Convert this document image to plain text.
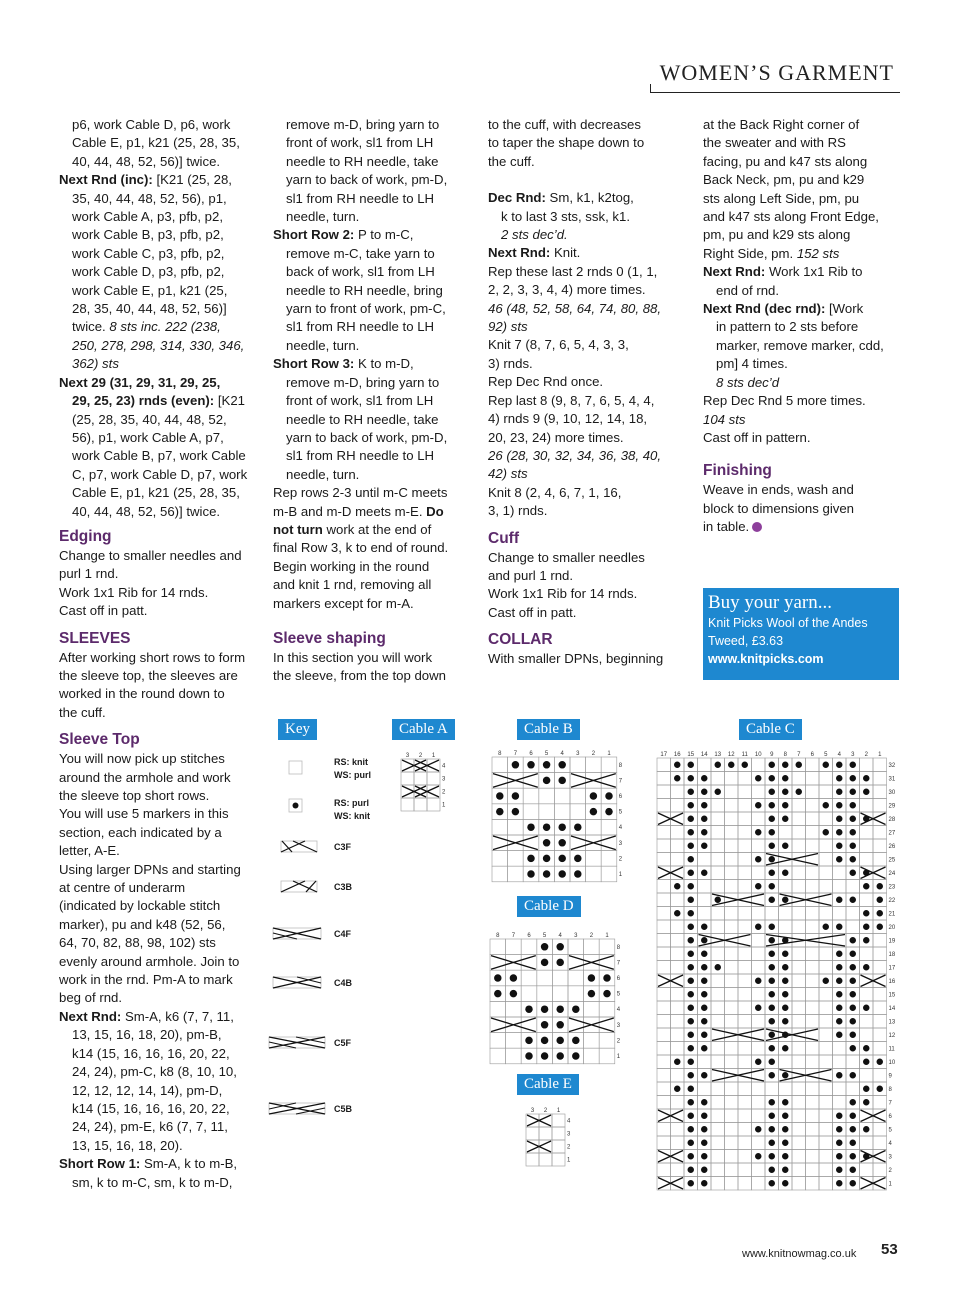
WOMEN’S GARMENT

p6, work Cable D, p6, work

Cable E, p1, k21 (25, 28, 35,

40, 44, 48, 52, 56)] twice.

Next Rnd (inc): [K21 (25, 28,

35, 40, 44, 48, 52, 56), p1,

work Cable A, p3, pfb, p2,

work Cable B, p3, pfb, p2,

work Cable C, p3, pfb, p2,

work Cable D, p3, pfb, p2,

work Cable E, p1, k21 (25,

28, 35, 40, 44, 48, 52, 56)]

twice. 8 sts inc. 222 (238,

250, 278, 298, 314, 330, 346,

362) sts

Next 29 (31, 29, 31, 29, 25,

29, 25, 23) rnds (even): [K21

(25, 28, 35, 40, 44, 48, 52,

56), p1, work Cable A, p7,

work Cable B, p7, work Cable

C, p7, work Cable D, p7, work

Cable E, p1, k21 (25, 28, 35,

40, 44, 48, 52, 56)] twice.

Edging

Change to smaller needles and

purl 1 rnd.

Work 1x1 Rib for 14 rnds.

Cast off in patt.

SLEEVES

After working short rows to form

the sleeve top, the sleeves are

worked in the round down to

the cuff.

Sleeve Top

You will now pick up stitches

around the armhole and work

the sleeve top short rows.

You will use 5 markers in this

section, each indicated by a

letter, A-E.

Using larger DPNs and starting

at centre of underarm

(indicated by lockable stitch

marker), pu and k48 (52, 56,

64, 70, 82, 88, 98, 102) sts

evenly around armhole. Join to

work in the rnd. Pm-A to mark

beg of rnd.

Next Rnd: Sm-A, k6 (7, 7, 11,

13, 15, 16, 18, 20), pm-B,

k14 (15, 16, 16, 16, 20, 22,

24, 24), pm-C, k8 (8, 10, 10,

12, 12, 12, 14, 14), pm-D,

k14 (15, 16, 16, 16, 20, 22,

24, 24), pm-E, k6 (7, 7, 11,

13, 15, 16, 18, 20).

Short Row 1: Sm-A, k to m-B,

sm, k to m-C, sm, k to m-D,

remove m-D, bring yarn to

front of work, sl1 from LH

needle to RH needle, take

yarn to back of work, pm-D,

sl1 from RH needle to LH

needle, turn.

Short Row 2: P to m-C,

remove m-C, take yarn to

back of work, sl1 from LH

needle to RH needle, bring

yarn to front of work, pm-C,

sl1 from RH needle to LH

needle, turn.

Short Row 3: K to m-D,

remove m-D, bring yarn to

front of work, sl1 from LH

needle to RH needle, take

yarn to back of work, pm-D,

sl1 from RH needle to LH

needle, turn.

Rep rows 2-3 until m-C meets

m-B and m-D meets m-E. Do

not turn work at the end of

final Row 3, k to end of round.

Begin working in the round

and knit 1 rnd, removing all

markers except for m-A.

Sleeve shaping

In this section you will work

the sleeve, from the top down

to the cuff, with decreases

to taper the shape down to

the cuff.

Dec Rnd: Sm, k1, k2tog,

k to last 3 sts, ssk, k1.

2 sts dec’d.

Next Rnd: Knit.

Rep these last 2 rnds 0 (1, 1,

2, 2, 3, 3, 4, 4) more times.

46 (48, 52, 58, 64, 74, 80, 88,

92) sts

Knit 7 (8, 7, 6, 5, 4, 3, 3,

3) rnds.

Rep Dec Rnd once.

Rep last 8 (9, 8, 7, 6, 5, 4, 4,

4) rnds 9 (9, 10, 12, 14, 18,

20, 23, 24) more times.

26 (28, 30, 32, 34, 36, 38, 40,

42) sts

Knit 8 (2, 4, 6, 7, 1, 16,

3, 1) rnds.

Cuff

Change to smaller needles

and purl 1 rnd.

Work 1x1 Rib for 14 rnds.

Cast off in patt.

COLLAR

With smaller DPNs, beginning

at the Back Right corner of

the sweater and with RS

facing, pu and k47 sts along

Back Neck, pm, pu and k29

sts along Left Side, pm, pu

and k47 sts along Front Edge,

pm, pu and k29 sts along

Right Side, pm. 152 sts

Next Rnd: Work 1x1 Rib to

end of rnd.

Next Rnd (dec rnd): [Work

in pattern to 2 sts before

marker, remove marker, cdd,

pm] 4 times.

8 sts dec’d

Rep Dec Rnd 5 more times.

104 sts

Cast off in pattern.

Finishing

Weave in ends, wash and

block to dimensions given

in table.

Buy your yarn...
Knit Picks Wool of the Andes
Tweed, £3.63
www.knitpicks.com
Key	Cable A	Cable B	Cable C
Cable D
Cable E
RS: knit
WS: purl
RS: purl
WS: knit
C3F
C3B
C4F
C4B
C5F
C5B
1
2
3
1
2
3
4
1
2
3
4
5
6
7
8
1
2
3
4
5
6
7
8
1
2
3
4
5
6
7
8
1
2
3
4
5
6
7
8
1
2
3
1
2
3
4
1
2
3
4
5
6
7
8
9
10
11
12
13
14
15
16
17
1
2
3
4
5
6
7
8
9
10
11
12
13
14
15
16
17
18
19
20
21
22
23
24
25
26
27
28
29
30
31
32
www.knitnowmag.co.uk 53
